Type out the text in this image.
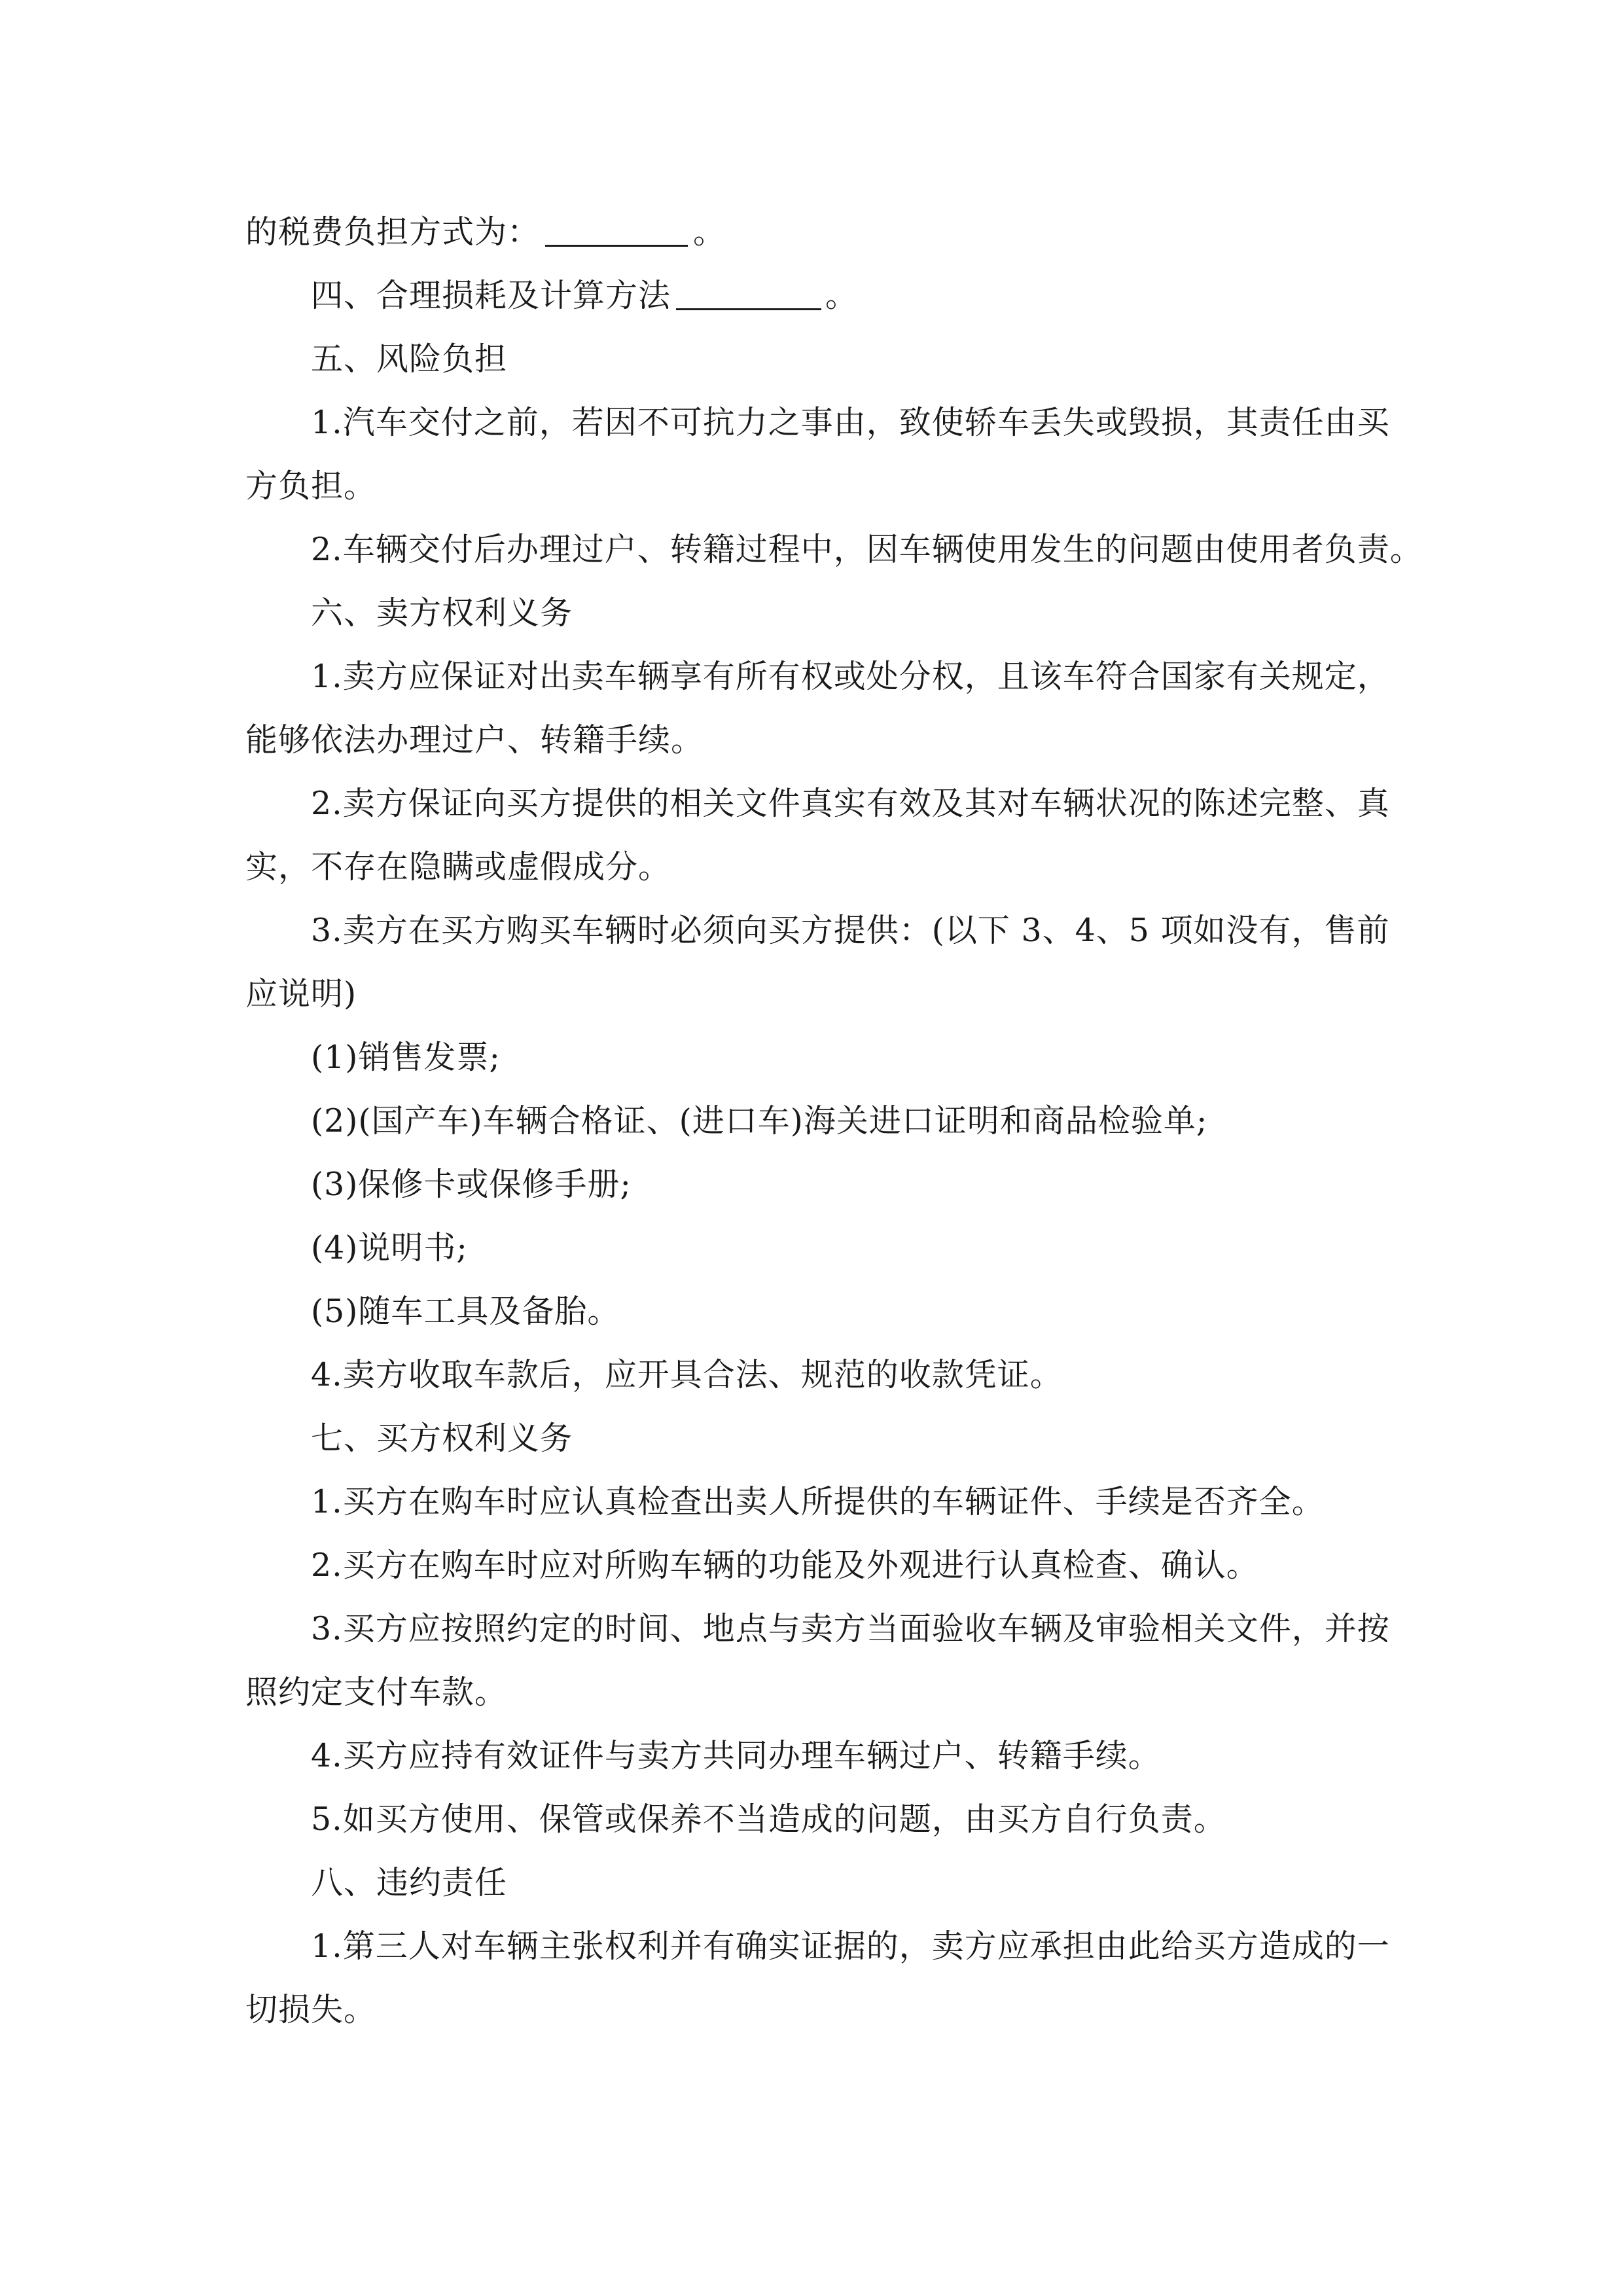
的税费负担方式为：	。
四、合理损耗及计算方法	。
五、风险负担
1.汽车交付之前，若因不可抗力之事由，致使轿车丢失或毁损，其责任由买
方负担。
2.车辆交付后办理过户、转籍过程中，因车辆使用发生的问题由使用者负责。
六、卖方权利义务
1.卖方应保证对出卖车辆享有所有权或处分权，且该车符合国家有关规定，
能够依法办理过户、转籍手续。
2.卖方保证向买方提供的相关文件真实有效及其对车辆状况的陈述完整、真
实，不存在隐瞒或虚假成分。
3.卖方在买方购买车辆时必须向买方提供：(以下 3、4、5 项如没有，售前
应说明)
(1)销售发票;
(2)(国产车)车辆合格证、(进口车)海关进口证明和商品检验单;
(3)保修卡或保修手册;
(4)说明书;
(5)随车工具及备胎。
4.卖方收取车款后，应开具合法、规范的收款凭证。
七、买方权利义务
1.买方在购车时应认真检查出卖人所提供的车辆证件、手续是否齐全。
2.买方在购车时应对所购车辆的功能及外观进行认真检查、确认。
3.买方应按照约定的时间、地点与卖方当面验收车辆及审验相关文件，并按
照约定支付车款。
4.买方应持有效证件与卖方共同办理车辆过户、转籍手续。
5.如买方使用、保管或保养不当造成的问题，由买方自行负责。
八、违约责任
1.第三人对车辆主张权利并有确实证据的，卖方应承担由此给买方造成的一
切损失。
